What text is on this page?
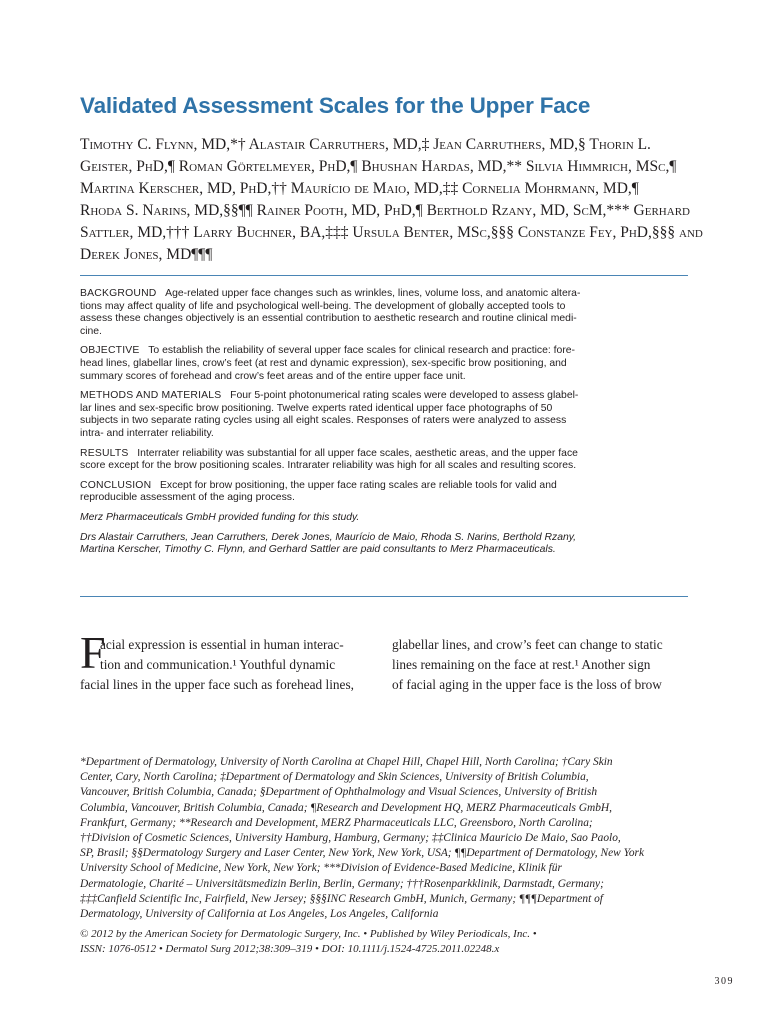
Validated Assessment Scales for the Upper Face
Timothy C. Flynn, MD,*† Alastair Carruthers, MD,‡ Jean Carruthers, MD,§ Thorin L.
Geister, PhD,¶ Roman Görtelmeyer, PhD,¶ Bhushan Hardas, MD,** Silvia Himmrich, MSc,¶
Martina Kerscher, MD, PhD,†† Maurício de Maio, MD,‡‡ Cornelia Mohrmann, MD,¶
Rhoda S. Narins, MD,§§¶¶ Rainer Pooth, MD, PhD,¶ Berthold Rzany, MD, ScM,*** Gerhard
Sattler, MD,††† Larry Buchner, BA,‡‡‡ Ursula Benter, MSc,§§§ Constanze Fey, PhD,§§§ and
Derek Jones, MD¶¶¶
BACKGROUND Age-related upper face changes such as wrinkles, lines, volume loss, and anatomic altera-
tions may affect quality of life and psychological well-being. The development of globally accepted tools to
assess these changes objectively is an essential contribution to aesthetic research and routine clinical medi-
cine.
OBJECTIVE To establish the reliability of several upper face scales for clinical research and practice: fore-
head lines, glabellar lines, crow’s feet (at rest and dynamic expression), sex-specific brow positioning, and
summary scores of forehead and crow’s feet areas and of the entire upper face unit.
METHODS AND MATERIALS Four 5-point photonumerical rating scales were developed to assess glabel-
lar lines and sex-specific brow positioning. Twelve experts rated identical upper face photographs of 50
subjects in two separate rating cycles using all eight scales. Responses of raters were analyzed to assess
intra- and interrater reliability.
RESULTS Interrater reliability was substantial for all upper face scales, aesthetic areas, and the upper face
score except for the brow positioning scales. Intrarater reliability was high for all scales and resulting scores.
CONCLUSION Except for brow positioning, the upper face rating scales are reliable tools for valid and
reproducible assessment of the aging process.
Merz Pharmaceuticals GmbH provided funding for this study.
Drs Alastair Carruthers, Jean Carruthers, Derek Jones, Maurício de Maio, Rhoda S. Narins, Berthold Rzany,
Martina Kerscher, Timothy C. Flynn, and Gerhard Sattler are paid consultants to Merz Pharmaceuticals.
F
acial expression is essential in human interac-
tion and communication.¹ Youthful dynamic
facial lines in the upper face such as forehead lines,
glabellar lines, and crow’s feet can change to static
lines remaining on the face at rest.¹ Another sign
of facial aging in the upper face is the loss of brow
*Department of Dermatology, University of North Carolina at Chapel Hill, Chapel Hill, North Carolina; †Cary Skin
Center, Cary, North Carolina; ‡Department of Dermatology and Skin Sciences, University of British Columbia,
Vancouver, British Columbia, Canada; §Department of Ophthalmology and Visual Sciences, University of British
Columbia, Vancouver, British Columbia, Canada; ¶Research and Development HQ, MERZ Pharmaceuticals GmbH,
Frankfurt, Germany; **Research and Development, MERZ Pharmaceuticals LLC, Greensboro, North Carolina;
††Division of Cosmetic Sciences, University Hamburg, Hamburg, Germany; ‡‡Clinica Mauricio De Maio, Sao Paolo,
SP, Brasil; §§Dermatology Surgery and Laser Center, New York, New York, USA; ¶¶Department of Dermatology, New York
University School of Medicine, New York, New York; ***Division of Evidence-Based Medicine, Klinik für
Dermatologie, Charité – Universitätsmedizin Berlin, Berlin, Germany; †††Rosenparkklinik, Darmstadt, Germany;
‡‡‡Canfield Scientific Inc, Fairfield, New Jersey; §§§INC Research GmbH, Munich, Germany; ¶¶¶Department of
Dermatology, University of California at Los Angeles, Los Angeles, California
© 2012 by the American Society for Dermatologic Surgery, Inc. • Published by Wiley Periodicals, Inc. •
ISSN: 1076-0512 • Dermatol Surg 2012;38:309–319 • DOI: 10.1111/j.1524-4725.2011.02248.x
309
